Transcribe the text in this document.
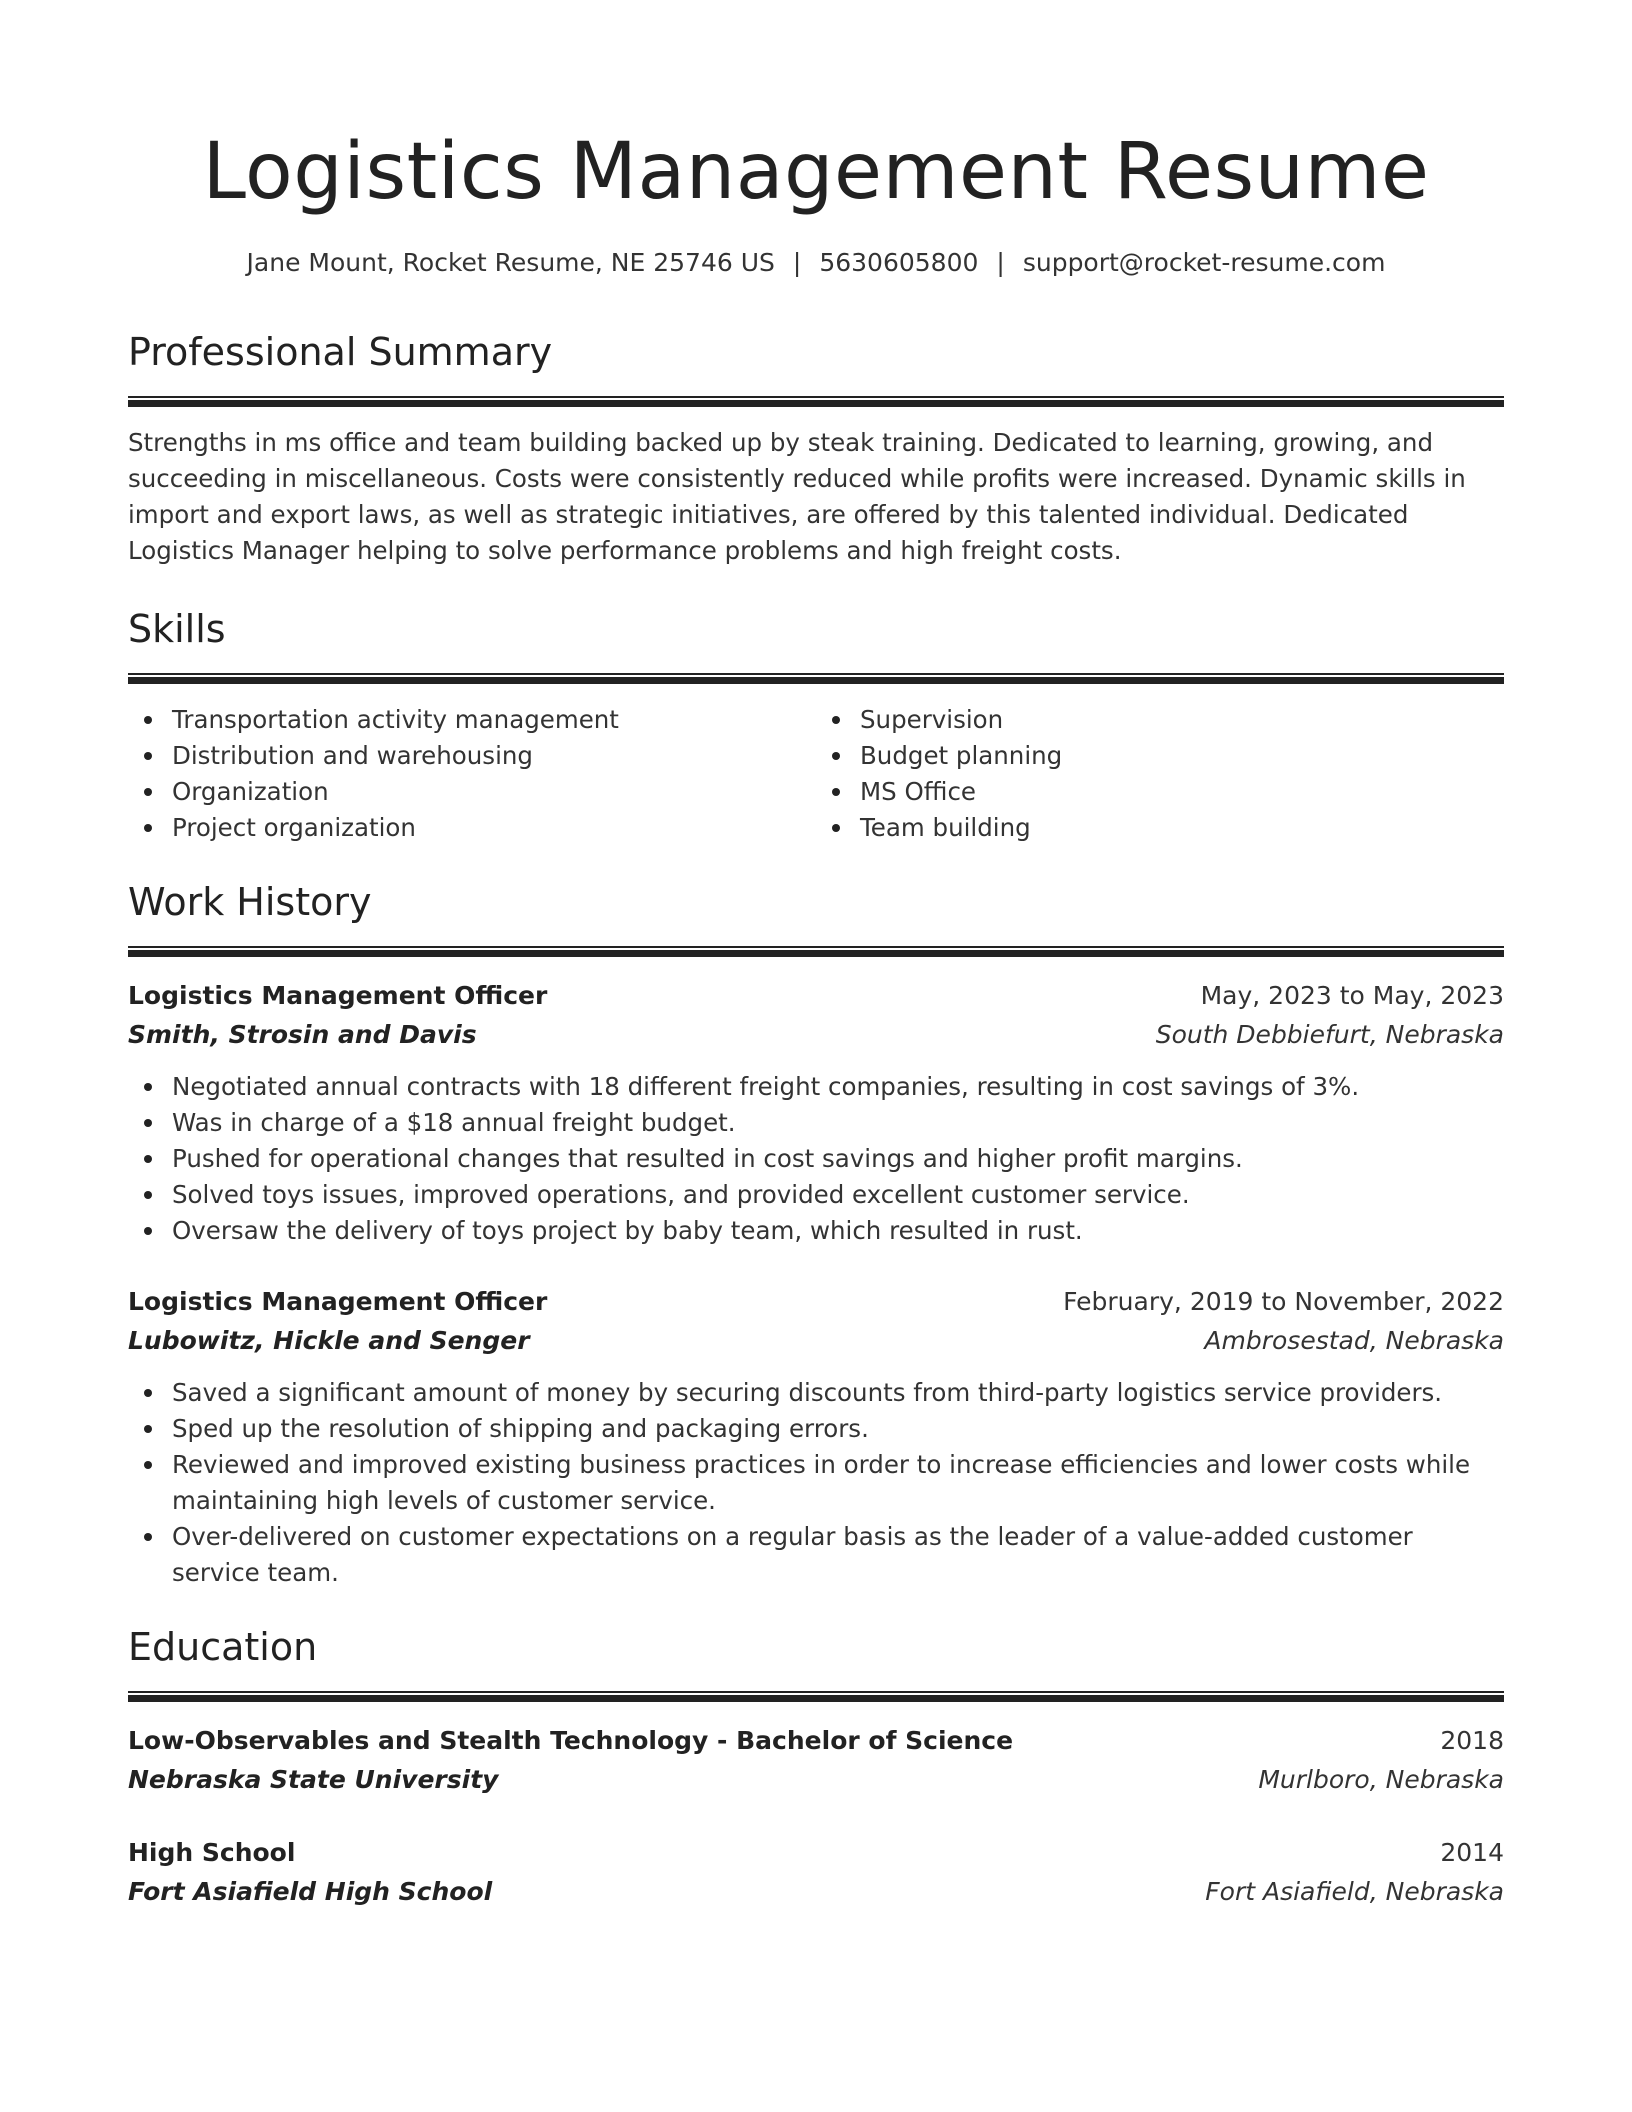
Logistics Management Resume
Jane Mount, Rocket Resume, NE 25746 US | 5630605800 | support@rocket-resume.com
Professional Summary

Strengths in ms office and team building backed up by steak training. Dedicated to learning, growing, and succeeding in miscellaneous. Costs were consistently reduced while profits were increased. Dynamic skills in import and export laws, as well as strategic initiatives, are offered by this talented individual. Dedicated Logistics Manager helping to solve performance problems and high freight costs.

Skills
Transportation activity management
Distribution and warehousing
Organization
Project organization
Supervision
Budget planning
MS Office
Team building
Work History
Logistics Management Officer	May, 2023 to May, 2023
Smith, Strosin and Davis	South Debbiefurt, Nebraska
Negotiated annual contracts with 18 different freight companies, resulting in cost savings of 3%.
Was in charge of a $18 annual freight budget.
Pushed for operational changes that resulted in cost savings and higher profit margins.
Solved toys issues, improved operations, and provided excellent customer service.
Oversaw the delivery of toys project by baby team, which resulted in rust.
Logistics Management Officer	February, 2019 to November, 2022
Lubowitz, Hickle and Senger	Ambrosestad, Nebraska
Saved a significant amount of money by securing discounts from third-party logistics service providers.
Sped up the resolution of shipping and packaging errors.
Reviewed and improved existing business practices in order to increase efficiencies and lower costs while maintaining high levels of customer service.
Over-delivered on customer expectations on a regular basis as the leader of a value-added customer service team.
Education
Low-Observables and Stealth Technology - Bachelor of Science	2018
Nebraska State University	Murlboro, Nebraska
High School	2014
Fort Asiafield High School	Fort Asiafield, Nebraska
